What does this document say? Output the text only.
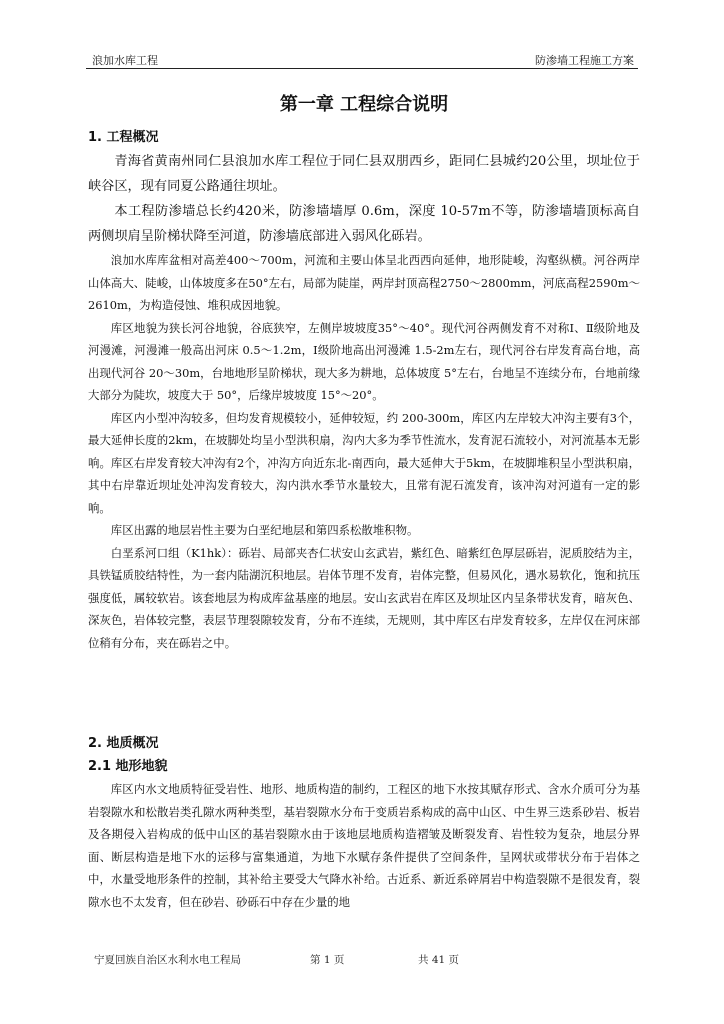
浪加水库工程	防渗墙工程施工方案
第一章 工程综合说明
1. 工程概况

青海省黄南州同仁县浪加水库工程位于同仁县双朋西乡，距同仁县城约20公里，坝址位于峡谷区，现有同夏公路通往坝址。

本工程防渗墙总长约420米，防渗墙墙厚 0.6m，深度 10-57m不等，防渗墙墙顶标高自两侧坝肩呈阶梯状降至河道，防渗墙底部进入弱风化砾岩。

浪加水库库盆相对高差400～700m，河流和主要山体呈北西西向延伸，地形陡峻，沟壑纵横。河谷两岸山体高大、陡峻，山体坡度多在50°左右，局部为陡崖，两岸封顶高程2750～2800mm，河底高程2590m～2610m，为构造侵蚀、堆积成因地貌。

库区地貌为狭长河谷地貌，谷底狭窄，左侧岸坡坡度35°～40°。现代河谷两侧发育不对称Ⅰ、Ⅱ级阶地及河漫滩，河漫滩一般高出河床 0.5～1.2m，Ⅰ级阶地高出河漫滩 1.5-2m左右，现代河谷右岸发育高台地，高出现代河谷 20～30m，台地地形呈阶梯状，现大多为耕地，总体坡度 5°左右，台地呈不连续分布，台地前缘大部分为陡坎，坡度大于 50°，后缘岸坡坡度 15°～20°。

库区内小型冲沟较多，但均发育规模较小，延伸较短，约 200-300m，库区内左岸较大冲沟主要有3个，最大延伸长度的2km，在坡脚处均呈小型洪积扇，沟内大多为季节性流水，发育泥石流较小，对河流基本无影响。库区右岸发育较大冲沟有2个，冲沟方向近东北-南西向，最大延伸大于5km，在坡脚堆积呈小型洪积扇，其中右岸靠近坝址处冲沟发育较大，沟内洪水季节水量较大，且常有泥石流发育，该冲沟对河道有一定的影响。

库区出露的地层岩性主要为白垩纪地层和第四系松散堆积物。

白垩系河口组（K1hk）：砾岩、局部夹杏仁状安山玄武岩，紫红色、暗紫红色厚层砾岩，泥质胶结为主，具铁锰质胶结特性，为一套内陆湖沉积地层。岩体节理不发育，岩体完整，但易风化，遇水易软化，饱和抗压强度低，属较软岩。该套地层为构成库盆基座的地层。安山玄武岩在库区及坝址区内呈条带状发育，暗灰色、深灰色，岩体较完整，表层节理裂隙较发育，分布不连续，无规则，其中库区右岸发育较多，左岸仅在河床部位稍有分布，夹在砾岩之中。

2. 地质概况
2.1 地形地貌

库区内水文地质特征受岩性、地形、地质构造的制约，工程区的地下水按其赋存形式、含水介质可分为基岩裂隙水和松散岩类孔隙水两种类型，基岩裂隙水分布于变质岩系构成的高中山区、中生界三迭系砂岩、板岩及各期侵入岩构成的低中山区的基岩裂隙水由于该地层地质构造褶皱及断裂发育、岩性较为复杂，地层分界面、断层构造是地下水的运移与富集通道，为地下水赋存条件提供了空间条件，呈网状或带状分布于岩体之中，水量受地形条件的控制，其补给主要受大气降水补给。古近系、新近系碎屑岩中构造裂隙不是很发育，裂隙水也不太发育，但在砂岩、砂砾石中存在少量的地

宁夏回族自治区水利水电工程局	第 1 页	共 41 页
